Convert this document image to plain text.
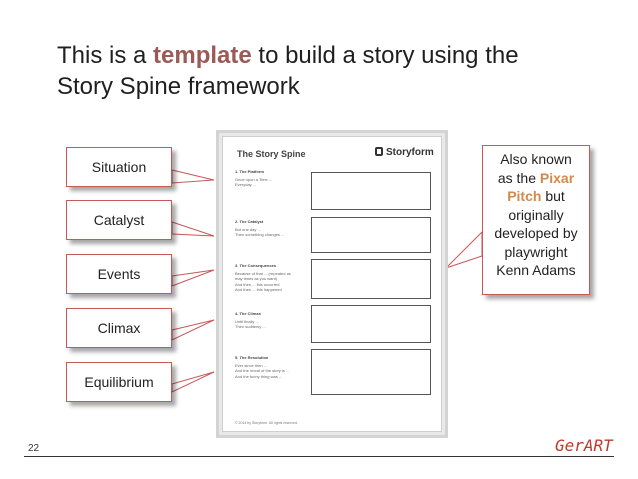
This is a template to build a story using the Story Spine framework
Situation
Catalyst
Events
Climax
Equilibrium
Also known
as the Pixar
Pitch but
originally
developed by
playwright
Kenn Adams
The Story Spine	Storyform
1. The Platform
Once upon a Time ...
Everyday ...
2. The Catalyst
But one day ...
Then something changes ...
3. The Consequences
Because of that ... (repeated as
may times as you want)
And then ... this occurred
And then ... this happened
4. The Climax
Until finally ...
Then suddenly ...
5. The Resolution
Ever since then ...
And the moral of the story is ...
And the funny thing was ...
© 2014 by Storyform. All rights reserved.
22	GerART
